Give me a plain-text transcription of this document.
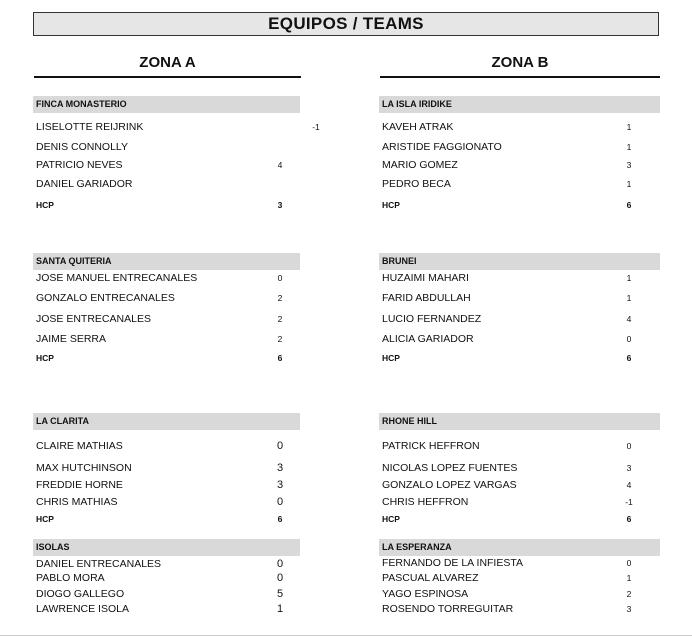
EQUIPOS / TEAMS
ZONA A	ZONA B
FINCA MONASTERIO
LISELOTTE REIJRINK	-1
DENIS CONNOLLY
PATRICIO NEVES	4
DANIEL GARIADOR
HCP	3
SANTA QUITERIA
JOSE MANUEL ENTRECANALES	0
GONZALO ENTRECANALES	2
JOSE ENTRECANALES	2
JAIME SERRA	2
HCP	6
LA CLARITA
CLAIRE MATHIAS	0
MAX HUTCHINSON	3
FREDDIE HORNE	3
CHRIS MATHIAS	0
HCP	6
ISOLAS
DANIEL ENTRECANALES	0
PABLO MORA	0
DIOGO GALLEGO	5
LAWRENCE ISOLA	1
LA ISLA IRIDIKE
KAVEH ATRAK	1
ARISTIDE FAGGIONATO	1
MARIO GOMEZ	3
PEDRO BECA	1
HCP	6
BRUNEI
HUZAIMI MAHARI	1
FARID ABDULLAH	1
LUCIO FERNANDEZ	4
ALICIA GARIADOR	0
HCP	6
RHONE HILL
PATRICK HEFFRON	0
NICOLAS LOPEZ FUENTES	3
GONZALO LOPEZ VARGAS	4
CHRIS HEFFRON	-1
HCP	6
LA ESPERANZA
FERNANDO DE LA INFIESTA	0
PASCUAL ALVAREZ	1
YAGO ESPINOSA	2
ROSENDO TORREGUITAR	3
